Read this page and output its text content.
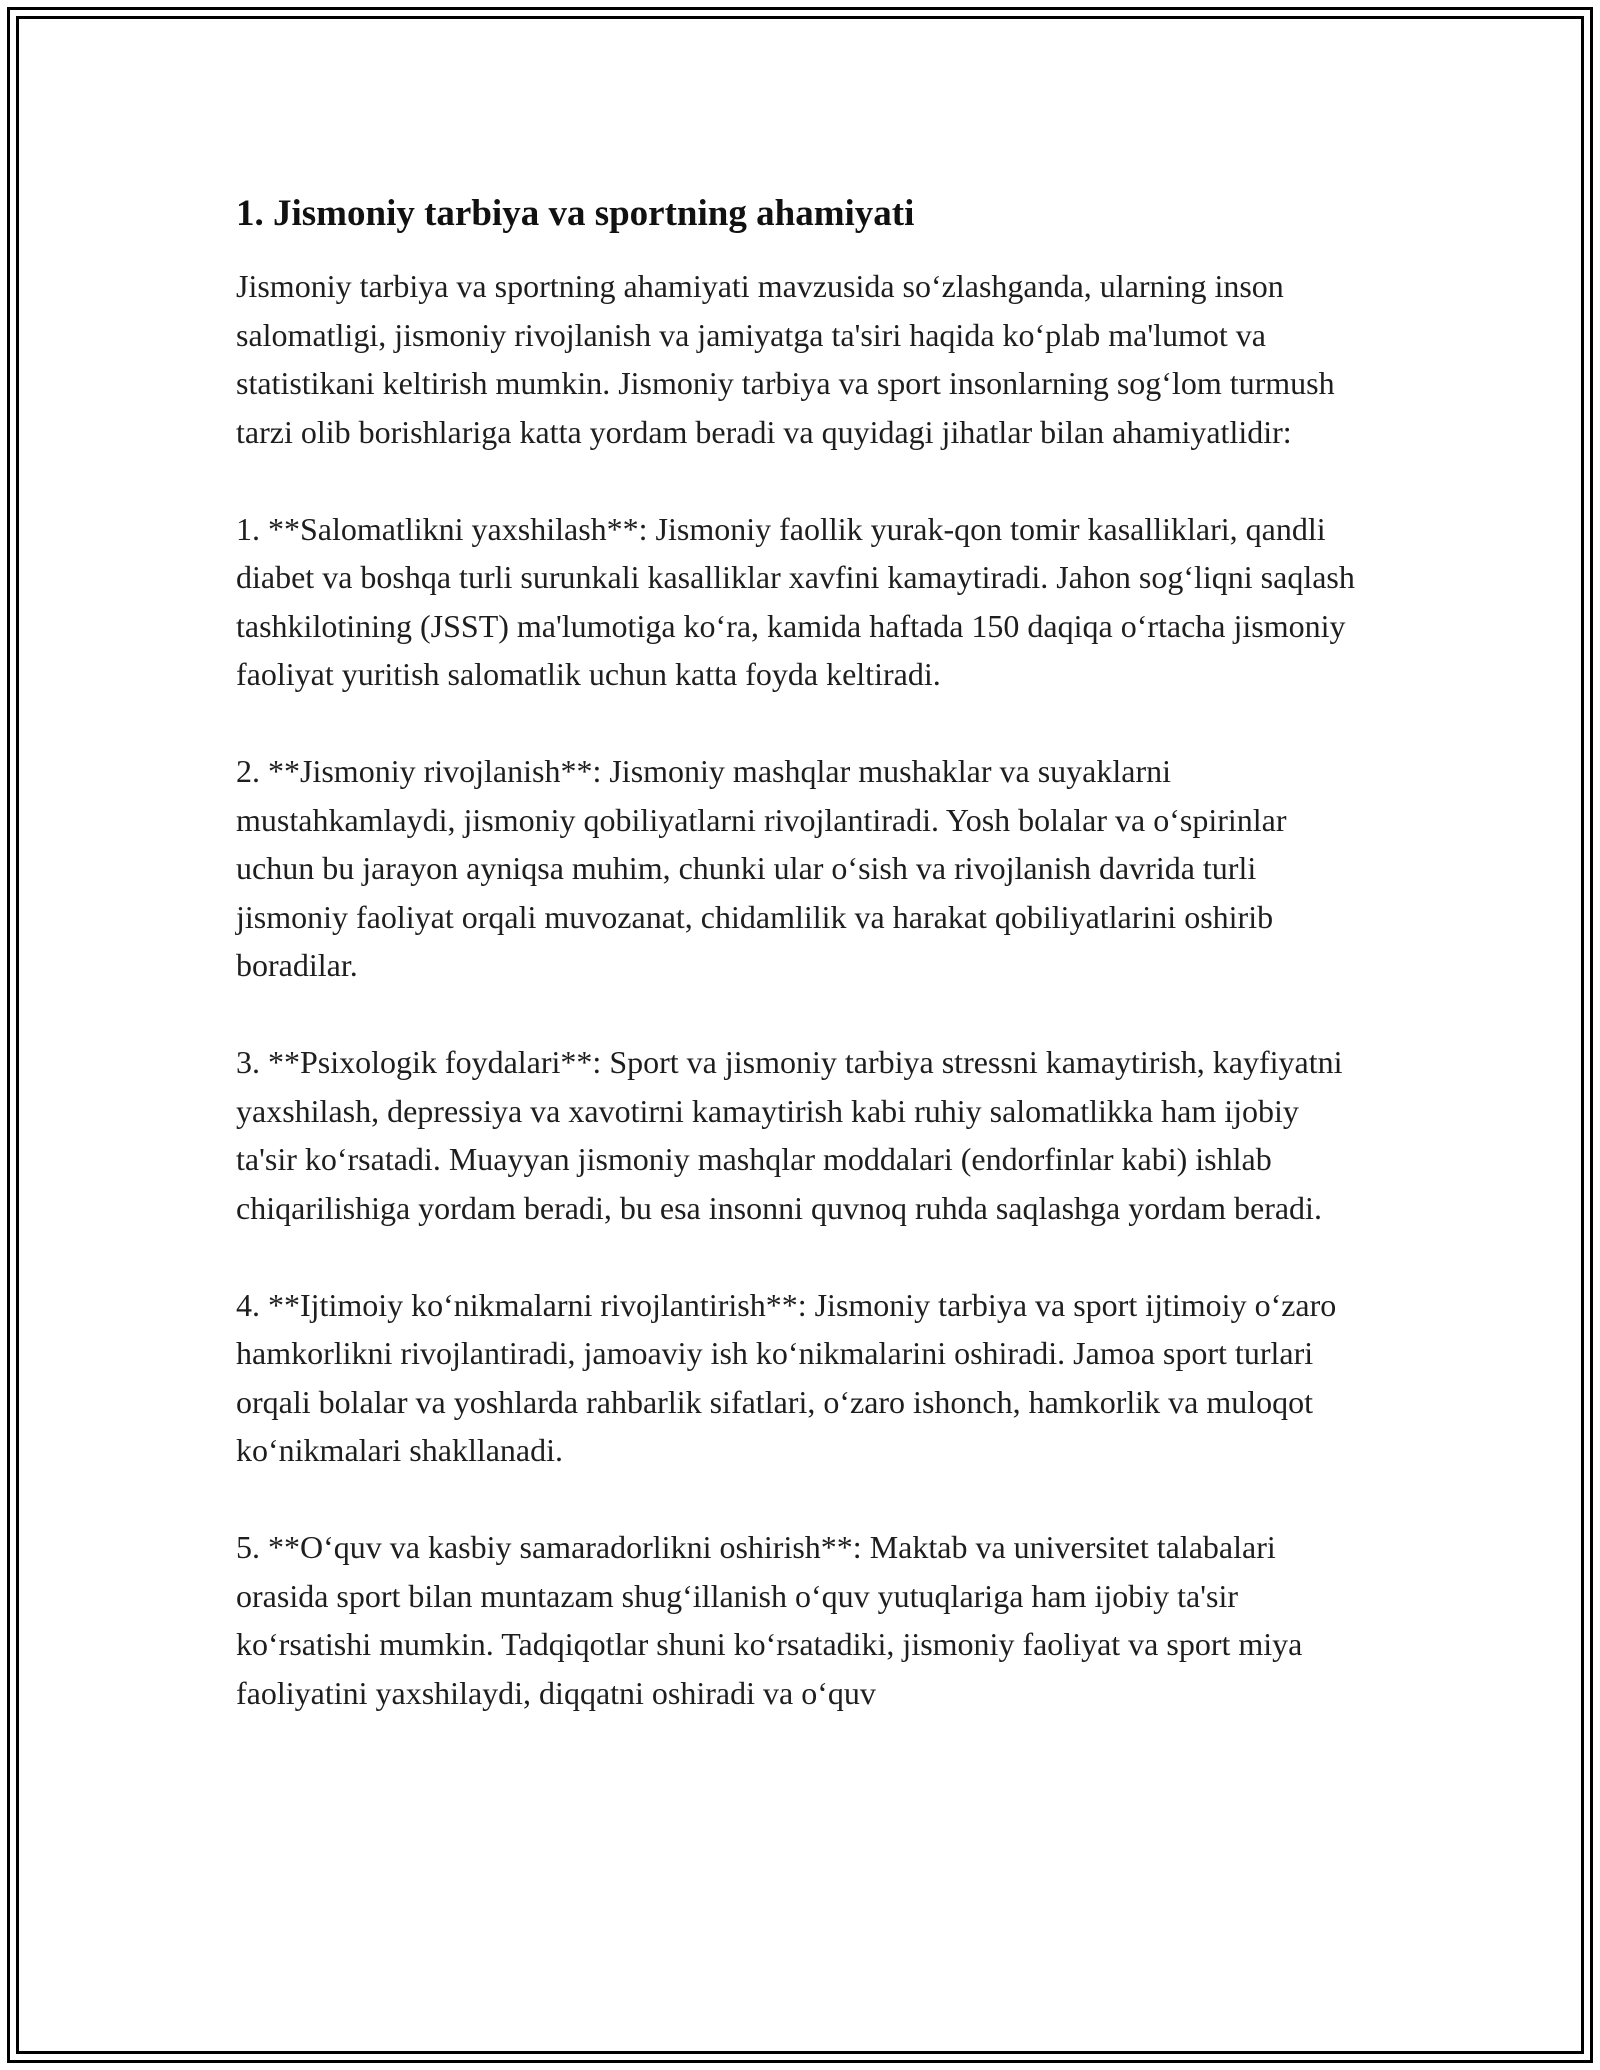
1. Jismoniy tarbiya va sportning ahamiyati

Jismoniy tarbiya va sportning ahamiyati mavzusida so‘zlashganda, ularning inson salomatligi, jismoniy rivojlanish va jamiyatga ta'siri haqida ko‘plab ma'lumot va statistikani keltirish mumkin. Jismoniy tarbiya va sport insonlarning sog‘lom turmush tarzi olib borishlariga katta yordam beradi va quyidagi jihatlar bilan ahamiyatlidir:

1. **Salomatlikni yaxshilash**: Jismoniy faollik yurak-qon tomir kasalliklari, qandli diabet va boshqa turli surunkali kasalliklar xavfini kamaytiradi. Jahon sog‘liqni saqlash tashkilotining (JSST) ma'lumotiga ko‘ra, kamida haftada 150 daqiqa o‘rtacha jismoniy faoliyat yuritish salomatlik uchun katta foyda keltiradi.

2. **Jismoniy rivojlanish**: Jismoniy mashqlar mushaklar va suyaklarni mustahkamlaydi, jismoniy qobiliyatlarni rivojlantiradi. Yosh bolalar va o‘spirinlar uchun bu jarayon ayniqsa muhim, chunki ular o‘sish va rivojlanish davrida turli jismoniy faoliyat orqali muvozanat, chidamlilik va harakat qobiliyatlarini oshirib boradilar.

3. **Psixologik foydalari**: Sport va jismoniy tarbiya stressni kamaytirish, kayfiyatni yaxshilash, depressiya va xavotirni kamaytirish kabi ruhiy salomatlikka ham ijobiy ta'sir ko‘rsatadi. Muayyan jismoniy mashqlar moddalari (endorfinlar kabi) ishlab chiqarilishiga yordam beradi, bu esa insonni quvnoq ruhda saqlashga yordam beradi.

4. **Ijtimoiy ko‘nikmalarni rivojlantirish**: Jismoniy tarbiya va sport ijtimoiy o‘zaro hamkorlikni rivojlantiradi, jamoaviy ish ko‘nikmalarini oshiradi. Jamoa sport turlari orqali bolalar va yoshlarda rahbarlik sifatlari, o‘zaro ishonch, hamkorlik va muloqot ko‘nikmalari shakllanadi.

5. **O‘quv va kasbiy samaradorlikni oshirish**: Maktab va universitet talabalari orasida sport bilan muntazam shug‘illanish o‘quv yutuqlariga ham ijobiy ta'sir ko‘rsatishi mumkin. Tadqiqotlar shuni ko‘rsatadiki, jismoniy faoliyat va sport miya faoliyatini yaxshilaydi, diqqatni oshiradi va o‘quv
